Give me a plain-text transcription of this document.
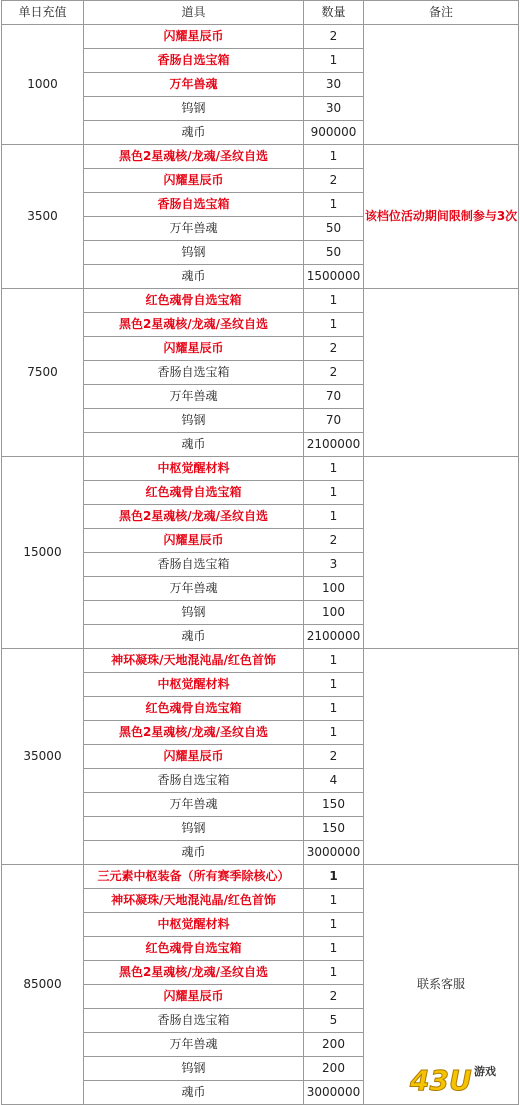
单日充值	道具	数量	备注
1000	闪耀星辰币	2	
	香肠自选宝箱	1	
	万年兽魂	30	
	钨钢	30	
	魂币	900000	
3500	黑色2星魂核/龙魂/圣纹自选	1	该档位活动期间限制参与3次
	闪耀星辰币	2	
	香肠自选宝箱	1	
	万年兽魂	50	
	钨钢	50	
	魂币	1500000	
7500	红色魂骨自选宝箱	1	
	黑色2星魂核/龙魂/圣纹自选	1	
	闪耀星辰币	2	
	香肠自选宝箱	2	
	万年兽魂	70	
	钨钢	70	
	魂币	2100000	
15000	中枢觉醒材料	1	
	红色魂骨自选宝箱	1	
	黑色2星魂核/龙魂/圣纹自选	1	
	闪耀星辰币	2	
	香肠自选宝箱	3	
	万年兽魂	100	
	钨钢	100	
	魂币	2100000	
35000	神环凝珠/天地混沌晶/红色首饰	1	
	中枢觉醒材料	1	
	红色魂骨自选宝箱	1	
	黑色2星魂核/龙魂/圣纹自选	1	
	闪耀星辰币	2	
	香肠自选宝箱	4	
	万年兽魂	150	
	钨钢	150	
	魂币	3000000	
85000	三元素中枢装备（所有赛季除核心）	1	联系客服
	神环凝珠/天地混沌晶/红色首饰	1	
	中枢觉醒材料	1	
	红色魂骨自选宝箱	1	
	黑色2星魂核/龙魂/圣纹自选	1	
	闪耀星辰币	2	
	香肠自选宝箱	5	
	万年兽魂	200	
	钨钢	200	
	魂币	3000000	43U 游戏
